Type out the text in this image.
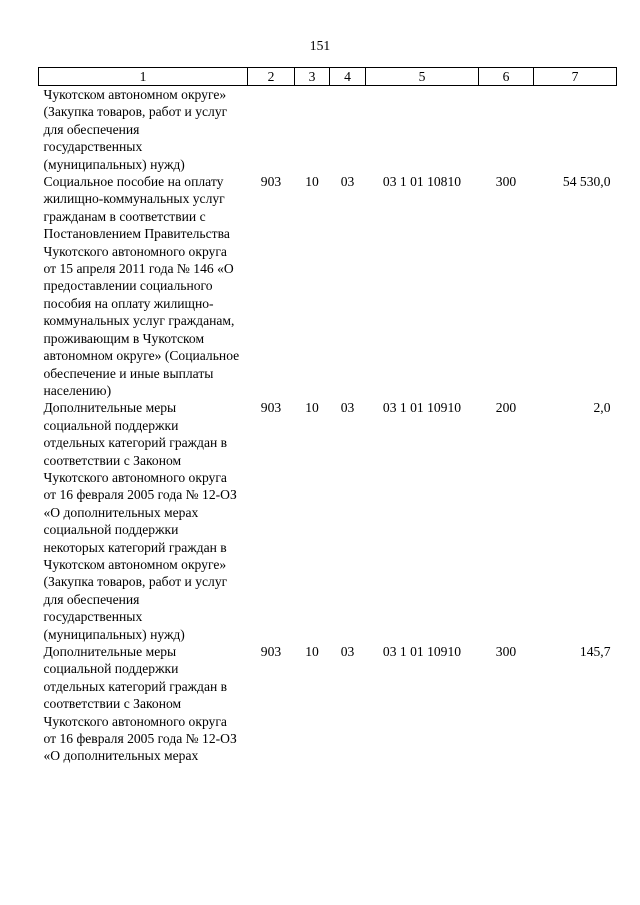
151
1	2	3	4	5	6	7
Чукотском автономном округе» (Закупка товаров, работ и услуг для обеспечения государственных (муниципальных) нужд)						
Социальное пособие на оплату жилищно-коммунальных услуг гражданам в соответствии с Постановлением Правительства Чукотского автономного округа от 15 апреля 2011 года № 146 «О предоставлении социального пособия на оплату жилищно-коммунальных услуг гражданам, проживающим в Чукотском автономном округе» (Социальное обеспечение и иные выплаты населению)	903	10	03	03 1 01 10810	300	54 530,0
Дополнительные меры социальной поддержки отдельных категорий граждан в соответствии с Законом Чукотского автономного округа от 16 февраля 2005 года № 12-ОЗ «О дополнительных мерах социальной поддержки некоторых категорий граждан в Чукотском автономном округе» (Закупка товаров, работ и услуг для обеспечения государственных (муниципальных) нужд)	903	10	03	03 1 01 10910	200	2,0
Дополнительные меры социальной поддержки отдельных категорий граждан в соответствии с Законом Чукотского автономного округа от 16 февраля 2005 года № 12-ОЗ «О дополнительных мерах	903	10	03	03 1 01 10910	300	145,7
